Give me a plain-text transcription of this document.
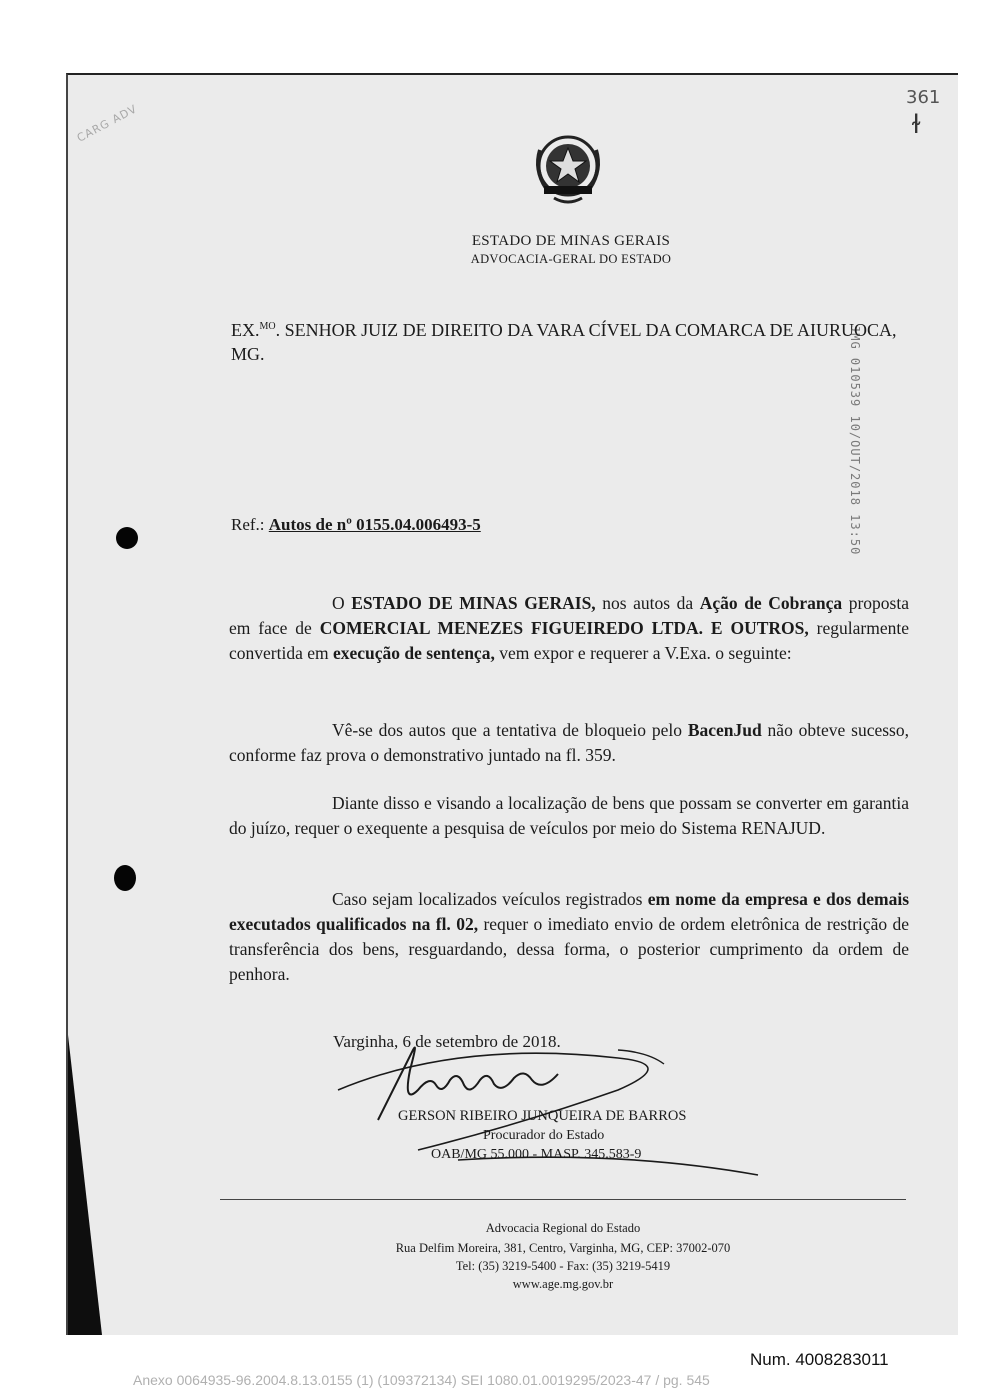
361
ɫ
CARG ADV
JMG 010539 10/OUT/2018 13:50
ESTADO DE MINAS GERAIS
ADVOCACIA-GERAL DO ESTADO
EX.$^{MO}$. SENHOR JUIZ DE DIREITO DA VARA CÍVEL DA COMARCA DE AIURUOCA, MG.
Ref.: Autos de nº 0155.04.006493-5

O ESTADO DE MINAS GERAIS, nos autos da Ação de Cobrança proposta em face de COMERCIAL MENEZES FIGUEIREDO LTDA. E OUTROS, regularmente convertida em execução de sentença, vem expor e requerer a V.Exa. o seguinte:

Vê-se dos autos que a tentativa de bloqueio pelo BacenJud não obteve sucesso, conforme faz prova o demonstrativo juntado na fl. 359.

Diante disso e visando a localização de bens que possam se converter em garantia do juízo, requer o exequente a pesquisa de veículos por meio do Sistema RENAJUD.

Caso sejam localizados veículos registrados em nome da empresa e dos demais executados qualificados na fl. 02, requer o imediato envio de ordem eletrônica de restrição de transferência dos bens, resguardando, dessa forma, o posterior cumprimento da ordem de penhora.

Varginha, 6 de setembro de 2018.
GERSON RIBEIRO JUNQUEIRA DE BARROS
Procurador do Estado
OAB/MG 55.000 - MASP. 345.583-9
Advocacia Regional do Estado
Rua Delfim Moreira, 381, Centro, Varginha, MG, CEP: 37002-070
Tel: (35) 3219-5400 - Fax: (35) 3219-5419
www.age.mg.gov.br
Num. 4008283011
Anexo 0064935-96.2004.8.13.0155 (1) (109372134) SEI 1080.01.0019295/2023-47 / pg. 545
